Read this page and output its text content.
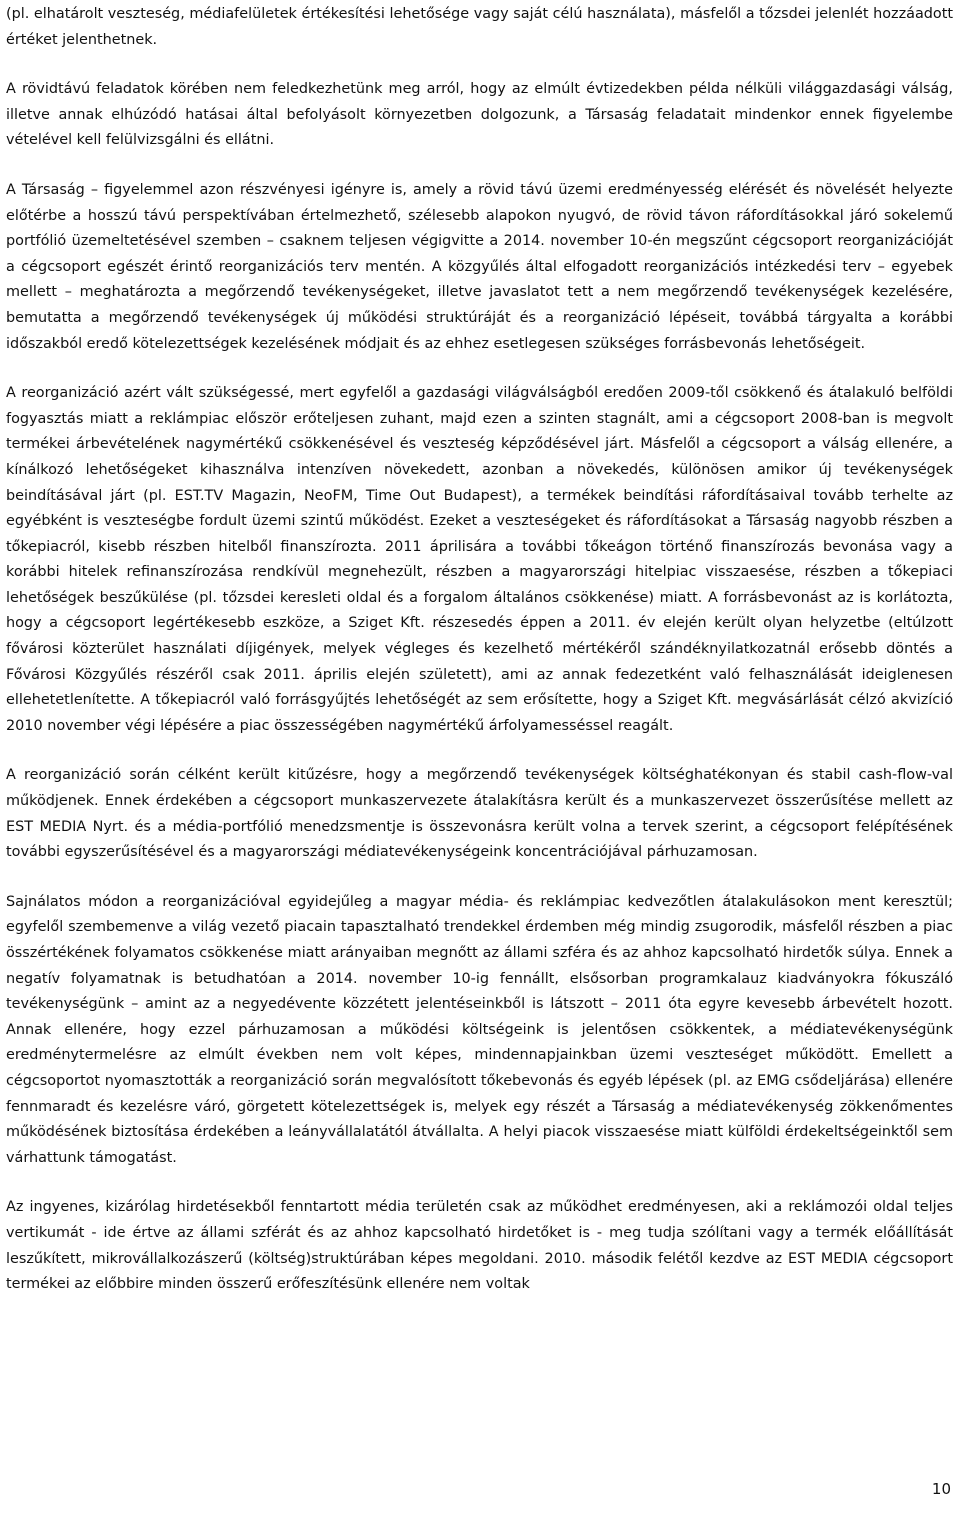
(pl. elhatárolt veszteség, médiafelületek értékesítési lehetősége vagy saját célú használata), másfelől a tőzsdei jelenlét hozzáadott értéket jelenthetnek.

A rövidtávú feladatok körében nem feledkezhetünk meg arról, hogy az elmúlt évtizedekben példa nélküli világgazdasági válság, illetve annak elhúzódó hatásai által befolyásolt környezetben dolgozunk, a Társaság feladatait mindenkor ennek figyelembe vételével kell felülvizsgálni és ellátni.

A Társaság – figyelemmel azon részvényesi igényre is, amely a rövid távú üzemi eredményesség elérését és növelését helyezte előtérbe a hosszú távú perspektívában értelmezhető, szélesebb alapokon nyugvó, de rövid távon ráfordításokkal járó sokelemű portfólió üzemeltetésével szemben – csaknem teljesen végigvitte a 2014. november 10-én megszűnt cégcsoport reorganizációját a cégcsoport egészét érintő reorganizációs terv mentén. A közgyűlés által elfogadott reorganizációs intézkedési terv – egyebek mellett – meghatározta a megőrzendő tevékenységeket, illetve javaslatot tett a nem megőrzendő tevékenységek kezelésére, bemutatta a megőrzendő tevékenységek új működési struktúráját és a reorganizáció lépéseit, továbbá tárgyalta a korábbi időszakból eredő kötelezettségek kezelésének módjait és az ehhez esetlegesen szükséges forrásbevonás lehetőségeit.

A reorganizáció azért vált szükségessé, mert egyfelől a gazdasági világválságból eredően 2009-től csökkenő és átalakuló belföldi fogyasztás miatt a reklámpiac először erőteljesen zuhant, majd ezen a szinten stagnált, ami a cégcsoport 2008-ban is megvolt termékei árbevételének nagymértékű csökkenésével és veszteség képződésével járt. Másfelől a cégcsoport a válság ellenére, a kínálkozó lehetőségeket kihasználva intenzíven növekedett, azonban a növekedés, különösen amikor új tevékenységek beindításával járt (pl. EST.TV Magazin, NeoFM, Time Out Budapest), a termékek beindítási ráfordításaival tovább terhelte az egyébként is veszteségbe fordult üzemi szintű működést. Ezeket a veszteségeket és ráfordításokat a Társaság nagyobb részben a tőkepiacról, kisebb részben hitelből finanszírozta. 2011 áprilisára a további tőkeágon történő finanszírozás bevonása vagy a korábbi hitelek refinanszírozása rendkívül megnehezült, részben a magyarországi hitelpiac visszaesése, részben a tőkepiaci lehetőségek beszűkülése (pl. tőzsdei keresleti oldal és a forgalom általános csökkenése) miatt. A forrásbevonást az is korlátozta, hogy a cégcsoport legértékesebb eszköze, a Sziget Kft. részesedés éppen a 2011. év elején került olyan helyzetbe (eltúlzott fővárosi közterület használati díjigények, melyek végleges és kezelhető mértékéről szándéknyilatkozatnál erősebb döntés a Fővárosi Közgyűlés részéről csak 2011. április elején született), ami az annak fedezetként való felhasználását ideiglenesen ellehetetlenítette. A tőkepiacról való forrásgyűjtés lehetőségét az sem erősítette, hogy a Sziget Kft. megvásárlását célzó akvizíció 2010 november végi lépésére a piac összességében nagymértékű árfolyamesséssel reagált.

A reorganizáció során célként került kitűzésre, hogy a megőrzendő tevékenységek költséghatékonyan és stabil cash-flow-val működjenek. Ennek érdekében a cégcsoport munkaszervezete átalakításra került és a munkaszervezet összerűsítése mellett az EST MEDIA Nyrt. és a média-portfólió menedzsmentje is összevonásra került volna a tervek szerint, a cégcsoport felépítésének további egyszerűsítésével és a magyarországi médiatevékenységeink koncentrációjával párhuzamosan.

Sajnálatos módon a reorganizációval egyidejűleg a magyar média- és reklámpiac kedvezőtlen átalakulásokon ment keresztül; egyfelől szembemenve a világ vezető piacain tapasztalható trendekkel érdemben még mindig zsugorodik, másfelől részben a piac összértékének folyamatos csökkenése miatt arányaiban megnőtt az állami szféra és az ahhoz kapcsolható hirdetők súlya. Ennek a negatív folyamatnak is betudhatóan a 2014. november 10-ig fennállt, elsősorban programkalauz kiadványokra fókuszáló tevékenységünk – amint az a negyedévente közzétett jelentéseinkből is látszott – 2011 óta egyre kevesebb árbevételt hozott. Annak ellenére, hogy ezzel párhuzamosan a működési költségeink is jelentősen csökkentek, a médiatevékenységünk eredménytermelésre az elmúlt években nem volt képes, mindennapjainkban üzemi veszteséget működött. Emellett a cégcsoportot nyomasztották a reorganizáció során megvalósított tőkebevonás és egyéb lépések (pl. az EMG csődeljárása) ellenére fennmaradt és kezelésre váró, görgetett kötelezettségek is, melyek egy részét a Társaság a médiatevékenység zökkenőmentes működésének biztosítása érdekében a leányvállalatától átvállalta. A helyi piacok visszaesése miatt külföldi érdekeltségeinktől sem várhattunk támogatást.

Az ingyenes, kizárólag hirdetésekből fenntartott média területén csak az működhet eredményesen, aki a reklámozói oldal teljes vertikumát - ide értve az állami szférát és az ahhoz kapcsolható hirdetőket is - meg tudja szólítani vagy a termék előállítását leszűkített, mikrovállalkozászerű (költség)struktúrában képes megoldani. 2010. második felétől kezdve az EST MEDIA cégcsoport termékei az előbbire minden összerű erőfeszítésünk ellenére nem voltak

10
